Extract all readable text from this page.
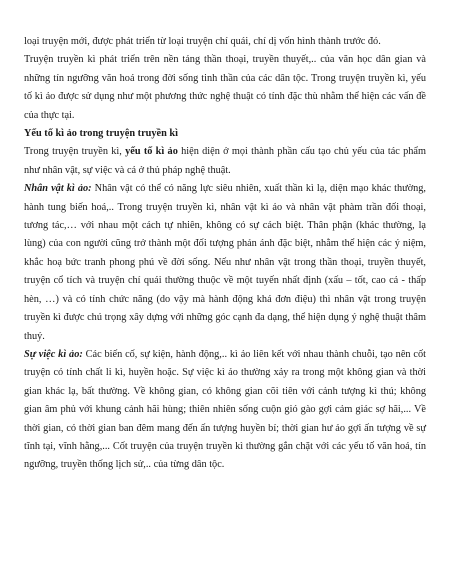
loại truyện mới, được phát triển từ loại truyện chí quái, chí dị vốn hình thành trước đó.

Truyện truyền kì phát triển trên nền tảng thần thoại, truyền thuyết,.. của văn học dân gian và những tín ngưỡng văn hoá trong đời sống tinh thần của các dân tộc. Trong truyện truyền kì, yếu tố kì ảo được sử dụng như một phương thức nghệ thuật có tính đặc thù nhằm thể hiện các vấn đề của thực tại.

Yếu tố kì ảo trong truyện truyền kì

Trong truyện truyền kì, yếu tố kì ảo hiện diện ở mọi thành phần cấu tạo chủ yếu của tác phẩm như nhân vật, sự việc và cả ở thủ pháp nghệ thuật.

Nhân vật kì ảo: Nhân vật có thể có năng lực siêu nhiên, xuất thần kì lạ, diện mạo khác thường, hành tung biến hoá,.. Trong truyện truyền kì, nhân vật kì ảo và nhân vật phàm trần đối thoại, tương tác,… với nhau một cách tự nhiên, không có sự cách biệt. Thân phận (khác thường, lạ lùng) của con người cũng trở thành một đối tượng phản ánh đặc biệt, nhằm thể hiện các ý niệm, khắc hoạ bức tranh phong phú về đời sống. Nếu như nhân vật trong thần thoại, truyền thuyết, truyện cổ tích và truyện chí quái thường thuộc về một tuyến nhất định (xấu – tốt, cao cả - thấp hèn, …) và có tính chức năng (do vậy mà hành động khá đơn điệu) thì nhân vật trong truyện truyền kì được chú trọng xây dựng với những góc cạnh đa dạng, thể hiện dụng ý nghệ thuật thâm thuý.

Sự việc kì ảo: Các biến cố, sự kiện, hành động,.. kì ảo liên kết với nhau thành chuỗi, tạo nên cốt truyện có tính chất li kì, huyền hoặc. Sự việc kì ảo thường xảy ra trong một không gian và thời gian khác lạ, bất thường. Về không gian, có không gian cõi tiên với cảnh tượng kì thú; không gian âm phủ với khung cảnh hãi hùng; thiên nhiên sống cuộn gió gào gợi cảm giác sợ hãi,... Về thời gian, có thời gian ban đêm mang đến ấn tượng huyền bí; thời gian hư ảo gợi ấn tượng về sự tĩnh tại, vĩnh hằng,... Cốt truyện của truyện truyền kì thường gắn chặt với các yếu tố văn hoá, tín ngưỡng, truyền thống lịch sử,.. của từng dân tộc.
